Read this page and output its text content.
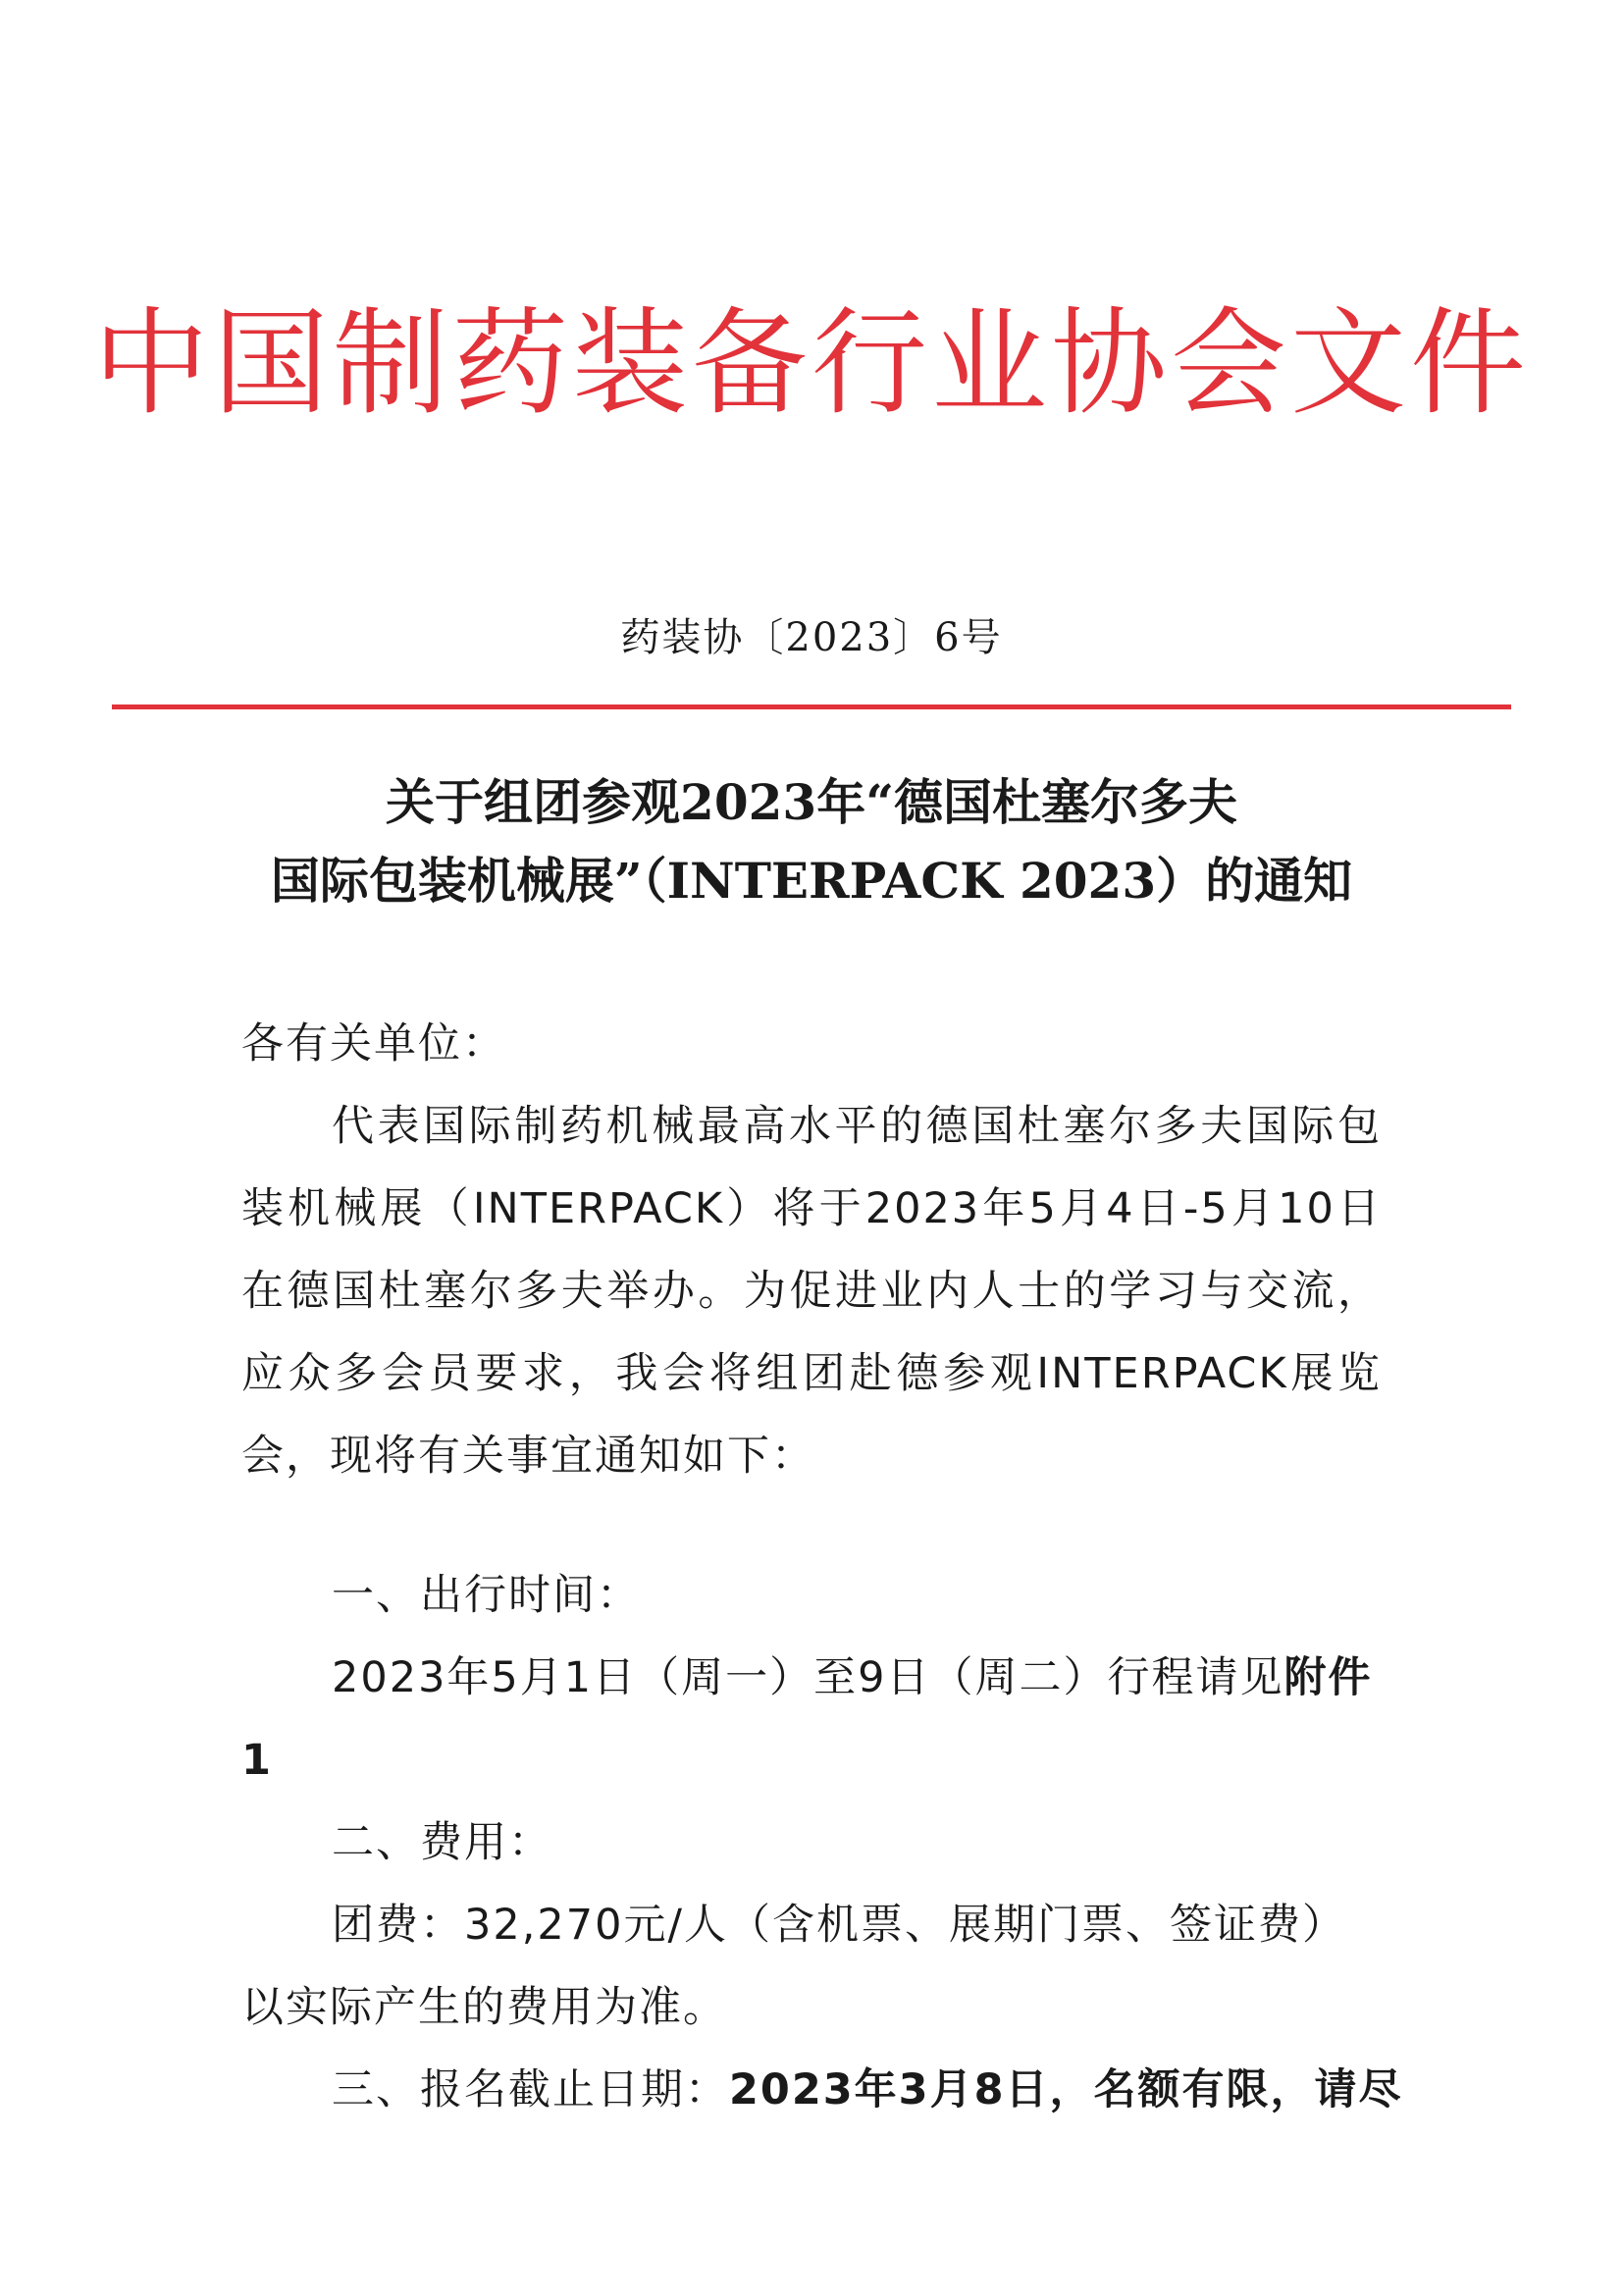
中国制药装备行业协会文件
药装协〔2023〕6号
关于组团参观2023年“德国杜塞尔多夫
国际包装机械展”（INTERPACK 2023）的通知
各有关单位：
代表国际制药机械最高水平的德国杜塞尔多夫国际包装机械展（INTERPACK）将于2023年5月4日-5月10日在德国杜塞尔多夫举办。为促进业内人士的学习与交流，应众多会员要求，我会将组团赴德参观INTERPACK展览会，现将有关事宜通知如下：
一、出行时间：
2023年5月1日（周一）至9日（周二）行程请见附件1
二、费用：
团费：32,270元/人（含机票、展期门票、签证费）以实际产生的费用为准。
三、报名截止日期：2023年3月8日，名额有限，请尽
